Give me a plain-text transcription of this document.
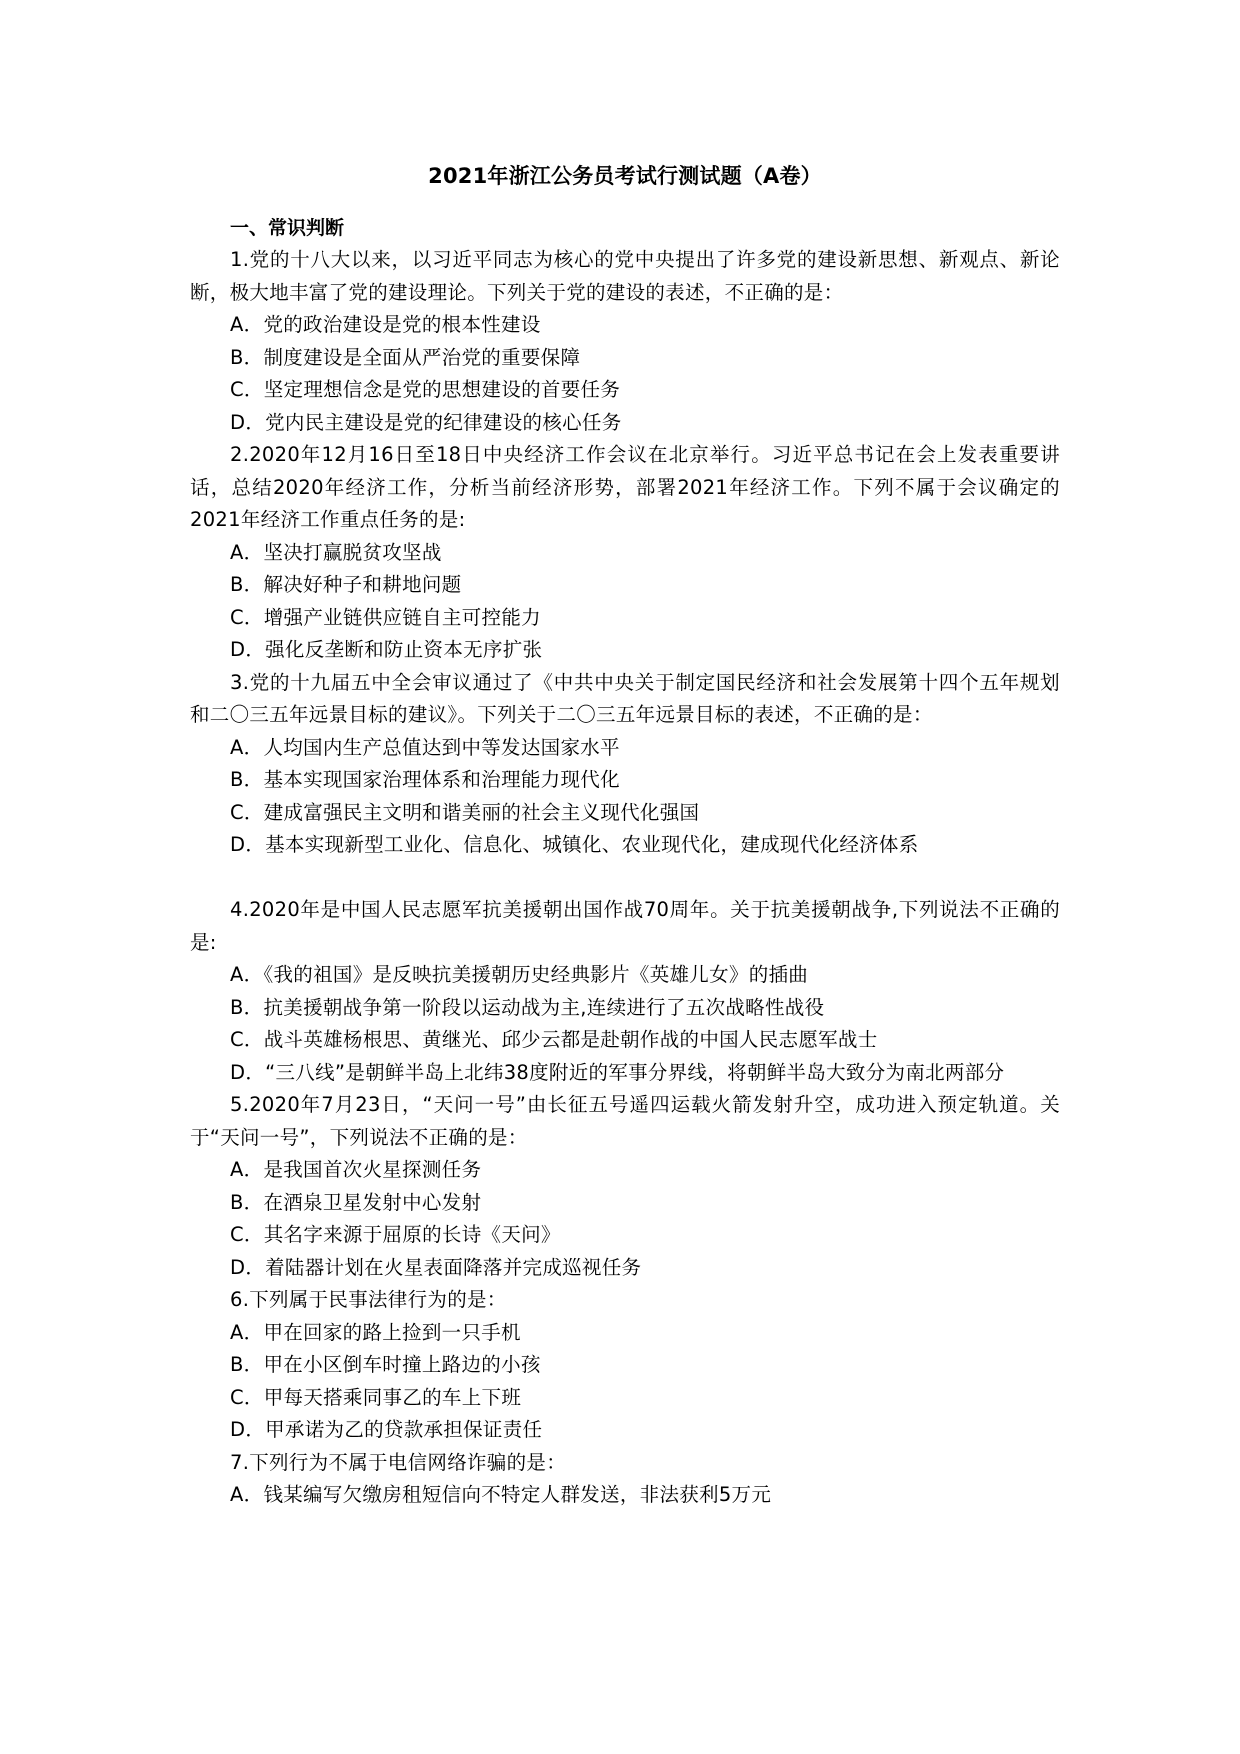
2021年浙江公务员考试行测试题（A卷）
一、常识判断

1.党的十八大以来，以习近平同志为核心的党中央提出了许多党的建设新思想、新观点、新论断，极大地丰富了党的建设理论。下列关于党的建设的表述，不正确的是：

A．党的政治建设是党的根本性建设

B．制度建设是全面从严治党的重要保障

C．坚定理想信念是党的思想建设的首要任务

D．党内民主建设是党的纪律建设的核心任务

2.2020年12月16日至18日中央经济工作会议在北京举行。习近平总书记在会上发表重要讲话，总结2020年经济工作，分析当前经济形势，部署2021年经济工作。下列不属于会议确定的2021年经济工作重点任务的是:

A．坚决打赢脱贫攻坚战

B．解决好种子和耕地问题

C．增强产业链供应链自主可控能力

D．强化反垄断和防止资本无序扩张

3.党的十九届五中全会审议通过了《中共中央关于制定国民经济和社会发展第十四个五年规划和二〇三五年远景目标的建议》。下列关于二〇三五年远景目标的表述，不正确的是：

A．人均国内生产总值达到中等发达国家水平

B．基本实现国家治理体系和治理能力现代化

C．建成富强民主文明和谐美丽的社会主义现代化强国

D．基本实现新型工业化、信息化、城镇化、农业现代化，建成现代化经济体系

4.2020年是中国人民志愿军抗美援朝出国作战70周年。关于抗美援朝战争,下列说法不正确的是:

A．《我的祖国》是反映抗美援朝历史经典影片《英雄儿女》的插曲

B．抗美援朝战争第一阶段以运动战为主,连续进行了五次战略性战役

C．战斗英雄杨根思、黄继光、邱少云都是赴朝作战的中国人民志愿军战士

D．“三八线”是朝鲜半岛上北纬38度附近的军事分界线，将朝鲜半岛大致分为南北两部分

5.2020年7月23日，“天问一号”由长征五号遥四运载火箭发射升空，成功进入预定轨道。关于“天问一号”，下列说法不正确的是：

A．是我国首次火星探测任务

B．在酒泉卫星发射中心发射

C．其名字来源于屈原的长诗《天问》

D．着陆器计划在火星表面降落并完成巡视任务

6.下列属于民事法律行为的是：

A．甲在回家的路上捡到一只手机

B．甲在小区倒车时撞上路边的小孩

C．甲每天搭乘同事乙的车上下班

D．甲承诺为乙的贷款承担保证责任

7.下列行为不属于电信网络诈骗的是：

A．钱某编写欠缴房租短信向不特定人群发送，非法获利5万元
